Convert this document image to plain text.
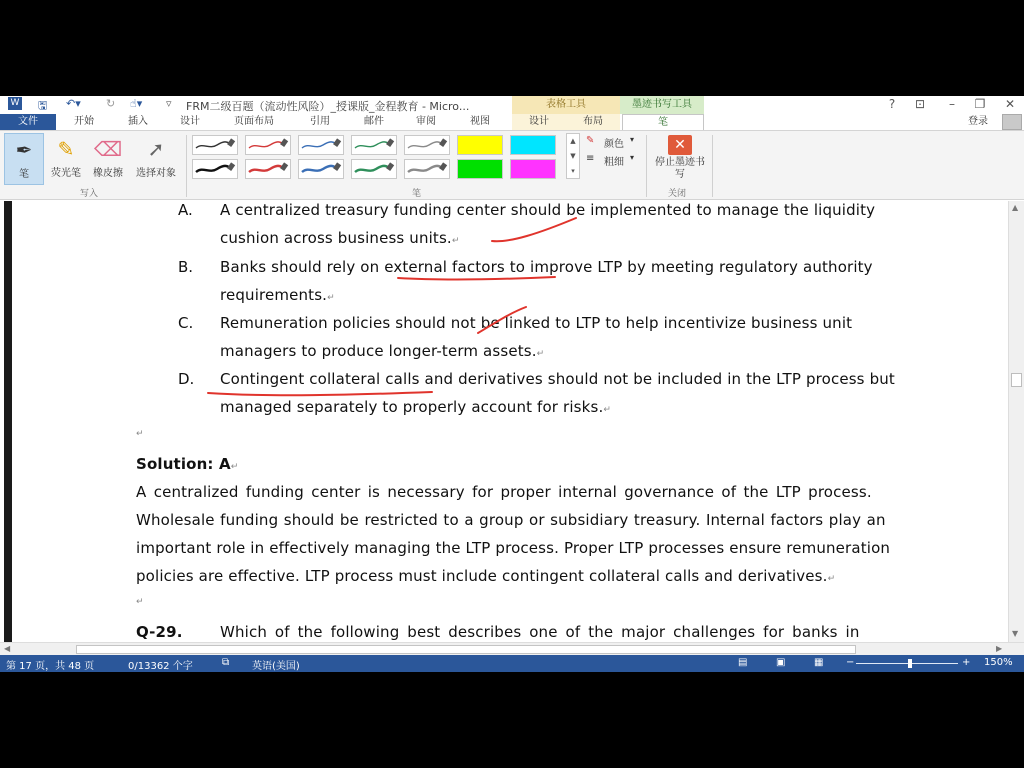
W 🖫 ↶▾ ↻ ☝▾ ▿ FRM二级百题（流动性风险）_授课版_金程教育 - Micro...	表格工具	墨迹书写工具	?	⊡	–	❐	✕
文件	开始	插入	设计	页面布局	引用	邮件	审阅	视图	设计	布局	笔	登录
✒
笔
✎
荧光笔
⌫
橡皮擦
➚
选择对象
写入
▲
▼
▾
✎ 颜色 ▾
≡ 粗细 ▾
笔
✕
停止墨迹书写
关闭
A. A centralized treasury funding center should be implemented to manage the liquidity
cushion across business units.↵
B. Banks should rely on external factors to improve LTP by meeting regulatory authority
requirements.↵
C. Remuneration policies should not be linked to LTP to help incentivize business unit
managers to produce longer-term assets.↵
D. Contingent collateral calls and derivatives should not be included in the LTP process but
managed separately to properly account for risks.↵
↵
Solution: A↵
A centralized funding center is necessary for proper internal governance of the LTP process.
Wholesale funding should be restricted to a group or subsidiary treasury. Internal factors play an
important role in effectively managing the LTP process. Proper LTP processes ensure remuneration
policies are effective. LTP process must include contingent collateral calls and derivatives.↵
↵
Q-29. Which of the following best describes one of the major challenges for banks in
▲
▼
◀	▶
第 17 页，共 48 页	0/13362 个字	⧉ 英语(美国)	▤	▣	▦ −	+ 150%
